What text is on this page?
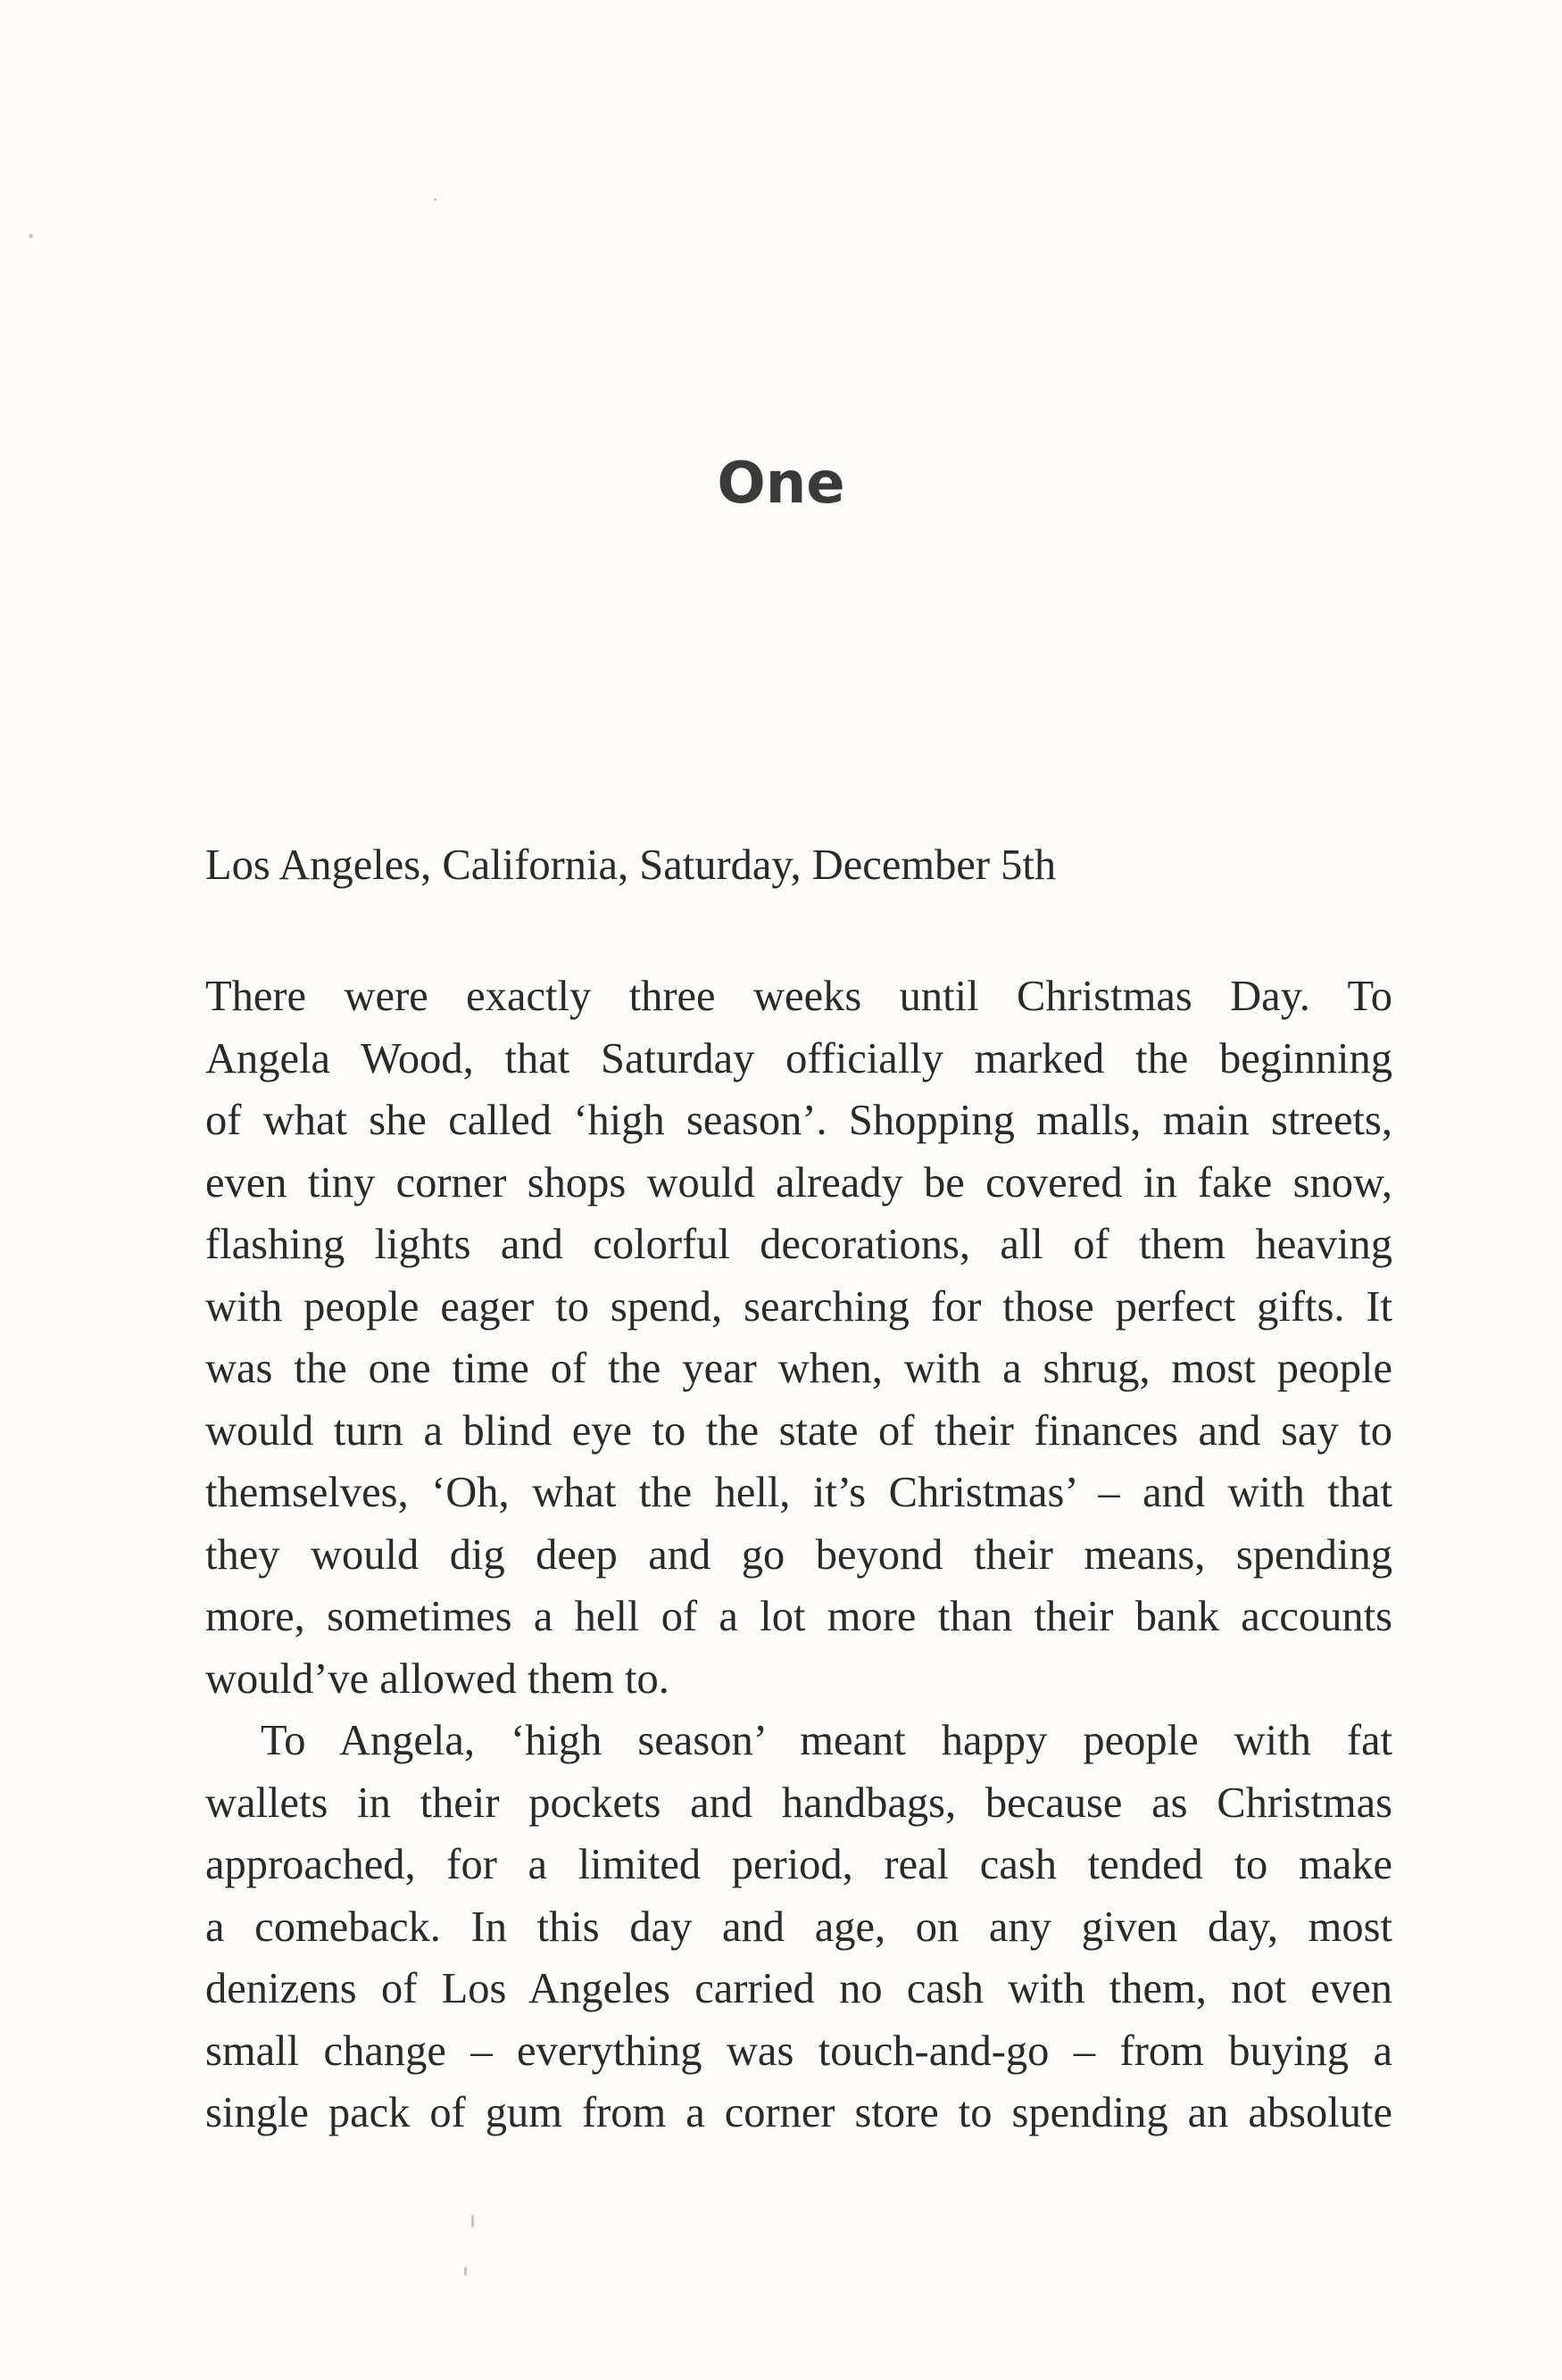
One

Los Angeles, California, Saturday, December 5th

There were exactly three weeks until Christmas Day. To
Angela Wood, that Saturday officially marked the beginning
of what she called ‘high season’. Shopping malls, main streets,
even tiny corner shops would already be covered in fake snow,
flashing lights and colorful decorations, all of them heaving
with people eager to spend, searching for those perfect gifts. It
was the one time of the year when, with a shrug, most people
would turn a blind eye to the state of their finances and say to
themselves, ‘Oh, what the hell, it’s Christmas’ – and with that
they would dig deep and go beyond their means, spending
more, sometimes a hell of a lot more than their bank accounts
would’ve allowed them to.
To Angela, ‘high season’ meant happy people with fat
wallets in their pockets and handbags, because as Christmas
approached, for a limited period, real cash tended to make
a comeback. In this day and age, on any given day, most
denizens of Los Angeles carried no cash with them, not even
small change – everything was touch-and-go – from buying a
single pack of gum from a corner store to spending an absolute
